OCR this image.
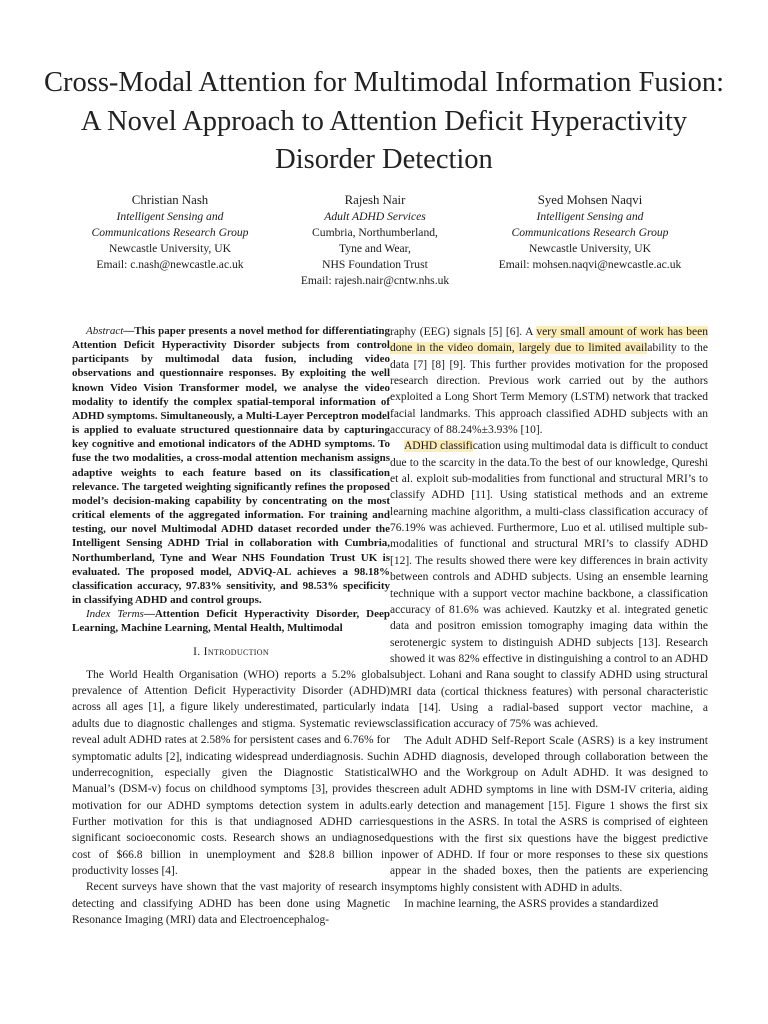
Cross-Modal Attention for Multimodal Information Fusion: A Novel Approach to Attention Deficit Hyperactivity Disorder Detection
Christian Nash
Intelligent Sensing and
Communications Research Group
Newcastle University, UK
Email: c.nash@newcastle.ac.uk
Rajesh Nair
Adult ADHD Services
Cumbria, Northumberland,
Tyne and Wear,
NHS Foundation Trust
Email: rajesh.nair@cntw.nhs.uk
Syed Mohsen Naqvi
Intelligent Sensing and
Communications Research Group
Newcastle University, UK
Email: mohsen.naqvi@newcastle.ac.uk

Abstract—This paper presents a novel method for differentiating Attention Deficit Hyperactivity Disorder subjects from control participants by multimodal data fusion, including video observations and questionnaire responses. By exploiting the well known Video Vision Transformer model, we analyse the video modality to identify the complex spatial-temporal information of ADHD symptoms. Simultaneously, a Multi-Layer Perceptron model is applied to evaluate structured questionnaire data by capturing key cognitive and emotional indicators of the ADHD symptoms. To fuse the two modalities, a cross-modal attention mechanism assigns adaptive weights to each feature based on its classification relevance. The targeted weighting significantly refines the proposed model’s decision-making capability by concentrating on the most critical elements of the aggregated information. For training and testing, our novel Multimodal ADHD dataset recorded under the Intelligent Sensing ADHD Trial in collaboration with Cumbria, Northumberland, Tyne and Wear NHS Foundation Trust UK is evaluated. The proposed model, ADViQ-AL achieves a 98.18% classification accuracy, 97.83% sensitivity, and 98.53% specificity in classifying ADHD and control groups.

Index Terms—Attention Deficit Hyperactivity Disorder, Deep Learning, Machine Learning, Mental Health, Multimodal

I. Introduction

The World Health Organisation (WHO) reports a 5.2% global prevalence of Attention Deficit Hyperactivity Disorder (ADHD) across all ages [1], a figure likely underestimated, particularly in adults due to diagnostic challenges and stigma. Systematic reviews reveal adult ADHD rates at 2.58% for persistent cases and 6.76% for symptomatic adults [2], indicating widespread underdiagnosis. Such underrecognition, especially given the Diagnostic Statistical Manual’s (DSM-v) focus on childhood symptoms [3], provides the motivation for our ADHD symptoms detection system in adults. Further motivation for this is that undiagnosed ADHD carries significant socioeconomic costs. Research shows an undiagnosed cost of $66.8 billion in unemployment and $28.8 billion in productivity losses [4].

Recent surveys have shown that the vast majority of research in detecting and classifying ADHD has been done using Magnetic Resonance Imaging (MRI) data and Electroencephalog-

raphy (EEG) signals [5] [6]. A very small amount of work has been done in the video domain, largely due to limited availability to the data [7] [8] [9]. This further provides motivation for the proposed research direction. Previous work carried out by the authors exploited a Long Short Term Memory (LSTM) network that tracked facial landmarks. This approach classified ADHD subjects with an accuracy of 88.24%±3.93% [10].

ADHD classification using multimodal data is difficult to conduct due to the scarcity in the data.To the best of our knowledge, Qureshi et al. exploit sub-modalities from functional and structural MRI’s to classify ADHD [11]. Using statistical methods and an extreme learning machine algorithm, a multi-class classification accuracy of 76.19% was achieved. Furthermore, Luo et al. utilised multiple sub-modalities of functional and structural MRI’s to classify ADHD [12]. The results showed there were key differences in brain activity between controls and ADHD subjects. Using an ensemble learning technique with a support vector machine backbone, a classification accuracy of 81.6% was achieved. Kautzky et al. integrated genetic data and positron emission tomography imaging data within the serotenergic system to distinguish ADHD subjects [13]. Research showed it was 82% effective in distinguishing a control to an ADHD subject. Lohani and Rana sought to classify ADHD using structural MRI data (cortical thickness features) with personal characteristic data [14]. Using a radial-based support vector machine, a classification accuracy of 75% was achieved.

The Adult ADHD Self-Report Scale (ASRS) is a key instrument in ADHD diagnosis, developed through collaboration between the WHO and the Workgroup on Adult ADHD. It was designed to screen adult ADHD symptoms in line with DSM-IV criteria, aiding early detection and management [15]. Figure 1 shows the first six questions in the ASRS. In total the ASRS is comprised of eighteen questions with the first six questions have the biggest predictive power of ADHD. If four or more responses to these six questions appear in the shaded boxes, then the patients are experiencing symptoms highly consistent with ADHD in adults.

In machine learning, the ASRS provides a standardized
